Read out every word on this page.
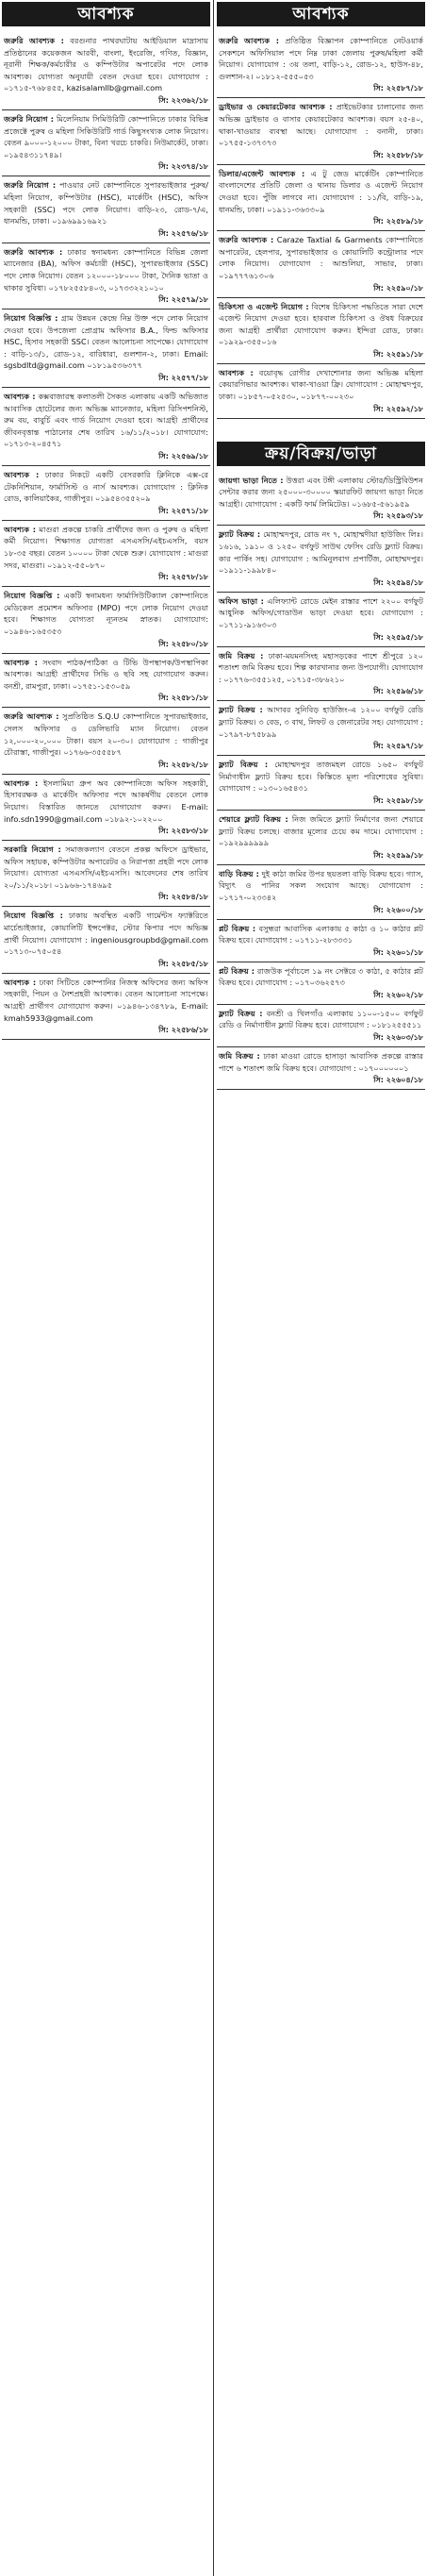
আবশ্যক
জরুরি আবশ্যক : বরগুনার পাথরঘাটায় আইডিয়াল মাদ্রাসায় প্রতিষ্ঠানের কয়েকজন আরবী, বাংলা, ইংরেজি, গণিত, বিজ্ঞান, নূরানী শিক্ষক/কর্মচারীর ও কম্পিউটার অপারেটর পদে লোক আবশ্যক। যোগ্যতা অনুযায়ী বেতন দেওয়া হবে। যোগাযোগ : ০১৭১৫-৭৬৮৪৫৫, kazisalamllb@gmail.com
সি: ২২৩৬২/১৮
জরুরি নিয়োগ : মিলেনিয়াম সিমিউরিটি কোম্পানিতে ঢাকার বিভিন্ন প্রজেক্টে পুরুষ ও মহিলা সিকিউরিটি গার্ড কিছুসংখ্যক লোক নিয়োগ। বেতন ৯০০০-১২০০০ টাকা, বিনা খরচে চাকরি। নিউমার্কেট, ঢাকা। ০১৯৫৪৩১১৭৪৯।
সি: ২২৩৭৪/১৮
জরুরি নিয়োগ : পাওয়ার নেট কোম্পানিতে সুপারভাইজার পুরুষ/মহিলা নিয়োগ, কম্পিউটার (HSC), মার্কেটিং (HSC), অফিস সহকারী (SSC) পদে লোক নিয়োগ। বাড়ি-২৩, রোড-৭/এ, ধানমন্ডি, ঢাকা। ০১৯৬৯৯১৬৯২১
সি: ২২৫৭৬/১৮
জরুরি আবশ্যক : ঢাকার স্বনামধন্য কোম্পানিতে বিভিন্ন জেলা ম্যানেজার (BA), অফিস কর্মচারী (HSC), সুপারভাইজার (SSC) পদে লোক নিয়োগ। বেতন ১২০০০-১৮০০০ টাকা, দৈনিক ভাতা ও থাকার সুবিধা। ০১৭৮২৫৫৮৪০৩, ০১৭৩৩২২১০১০
সি: ২২৫৭৯/১৮
নিয়োগ বিজ্ঞপ্তি : গ্রাম উন্নয়ন কেন্দ্রে নিম্ন উক্ত পদে লোক নিয়োগ দেওয়া হবে। উপজেলা প্রোগ্রাম অফিসার B.A., ফিল্ড অফিসার HSC, হিসাব সহকারী SSC। বেতন আলোচনা সাপেক্ষে। যোগাযোগ : বাড়ি-১৩/১, রোড-১২, বারিধারা, গুলশান-২, ঢাকা। Email: sgsbdltd@gmail.com ০১৮১৯৫৩৬৩৭৭
সি: ২২৫৭৭/১৮
আবশ্যক : কক্সবাজারস্থ কলাতলী সৈকত এলাকায় একটি অভিজাত আবাসিক হোটেলের জন্য অভিজ্ঞ ম্যানেজার, মহিলা রিসিপশনিস্ট, রুম বয়, বাবুর্চি এবং গার্ড নিয়োগ দেওয়া হবে। আগ্রহী প্রার্থীদের জীবনবৃত্তান্ত পাঠানোর শেষ তারিখ ১৬/১১/২০১৮। যোগাযোগ: ০১৭১৩-২০৪৫৭১
সি: ২২৫৬৯/১৮
আবশ্যক : ঢাকার নিকটে একটি বেসরকারি ক্লিনিকে এক্স-রে টেকনিশিয়ান, ফার্মাসিস্ট ও নার্স আবশ্যক। যোগাযোগ : ক্লিনিক রোড, কালিয়াকৈর, গাজীপুর। ০১৯৫৪৩৫৫২০৯
সি: ২২৫৭১/১৮
আবশ্যক : মাগুরা প্রকল্পে চাকরি প্রার্থীদের জন্য ও পুরুষ ও মহিলা কর্মী নিয়োগ। শিক্ষাগত যোগ্যতা এসএসসি/এইচএসসি, বয়স ১৮-৩৫ বছর। বেতন ১০০০০ টাকা থেকে শুরু। যোগাযোগ : মাগুরা সদর, মাগুরা। ০১৯১২-৫৫০৮৭০
সি: ২২৫৭৮/১৮
নিয়োগ বিজ্ঞপ্তি : একটি স্বনামধন্য ফার্মাসিউটিক্যাল কোম্পানিতে মেডিকেল প্রমোশন অফিসার (MPO) পদে লোক নিয়োগ দেওয়া হবে। শিক্ষাগত যোগ্যতা ন্যূনতম স্নাতক। যোগাযোগ: ০১৯৪৬-১৬৫৩৫৩
সি: ২২৫৮০/১৮
আবশ্যক : সংবাদ পাঠক/পাঠিকা ও টিভি উপস্থাপক/উপস্থাপিকা আবশ্যক। আগ্রহী প্রার্থীদের সিভি ও ছবি সহ যোগাযোগ করুন। বনশ্রী, রামপুরা, ঢাকা। ০১৭৫১-১৫৩০৫৯
সি: ২২৫৮১/১৮
জরুরি আবশ্যক : সুপ্রতিষ্ঠিত S.Q.U কোম্পানিতে সুপারভাইজার, সেলস অফিসার ও ডেলিভারি ম্যান নিয়োগ। বেতন ১২,০০০-২০,০০০ টাকা। বয়স ২০-৩০। যোগাযোগ : গাজীপুর চৌরাস্তা, গাজীপুর। ০১৭৬৬-৩৫৫৫৮৭
সি: ২২৫৮২/১৮
আবশ্যক : ইসলামিয়া গ্রুপ অব কোম্পানিজে অফিস সহকারী, হিসাবরক্ষক ও মার্কেটিং অফিসার পদে আকর্ষণীয় বেতনে লোক নিয়োগ। বিস্তারিত জানতে যোগাযোগ করুন। E-mail: info.sdn1990@gmail.com ০১৮৯২-১০২২০০
সি: ২২৫৮৩/১৮
সরকারি নিয়োগ : সমাজকল্যাণ বেতনে প্রকল্প অফিসে ড্রাইভার, অফিস সহায়ক, কম্পিউটার অপারেটর ও নিরাপত্তা প্রহরী পদে লোক নিয়োগ। যোগ্যতা এসএসসি/এইচএসসি। আবেদনের শেষ তারিখ ২০/১১/২০১৮। ০১৯৬৬-১৭৪৬৯৫
সি: ২২৫৮৪/১৮
নিয়োগ বিজ্ঞপ্তি : ঢাকায় অবস্থিত একটি গার্মেন্টস ফ্যাক্টরিতে মার্চেন্ডাইজার, কোয়ালিটি ইন্সপেক্টর, স্টোর কিপার পদে অভিজ্ঞ প্রার্থী নিয়োগ। যোগাযোগ : ingeniousgroupbd@gmail.com ০১৭১৩-০৭৫০৫৪
সি: ২২৫৮৫/১৮
আবশ্যক : ঢাকা সিটিতে কোম্পানির নিজস্ব অফিসের জন্য অফিস সহকারী, পিয়ন ও নৈশপ্রহরী আবশ্যক। বেতন আলোচনা সাপেক্ষে। আগ্রহী প্রার্থীগণ যোগাযোগ করুন। ০১৯৪৬-১৩৪৭৮৯, E-mail: kmah5933@gmail.com
সি: ২২৫৮৬/১৮
আবশ্যক
জরুরি আবশ্যক : প্রতিষ্ঠিত বিজ্ঞাপন কোম্পানিতে নেটওয়ার্ক সেকশনে অফিসিয়াল পদে নিম্ন ঢাকা জেলায় পুরুষ/মহিলা কর্মী নিয়োগ। যোগাযোগ : ৩য় তলা, বাড়ি-১২, রোড-১২, হাউস-৪৮, গুলশান-২। ০১৮১২-৫৫৫০৫৩
সি: ২২৫৮৭/১৮
ড্রাইভার ও কেয়ারটেকার আবশ্যক : প্রাইভেটকার চালানোর জন্য অভিজ্ঞ ড্রাইভার ও বাসার কেয়ারটেকার আবশ্যক। বয়স ২৫-৪০, থাকা-খাওয়ার ব্যবস্থা আছে। যোগাযোগ : বনানী, ঢাকা। ০১৭৫৫-১৩৭৩৭৩
সি: ২২৫৮৮/১৮
ডিলার/এজেন্ট আবশ্যক : এ টু জেড মার্কেটিং কোম্পানিতে বাংলাদেশের প্রতিটি জেলা ও থানায় ডিলার ও এজেন্ট নিয়োগ দেওয়া হবে। পুঁজি লাগবে না। যোগাযোগ : ১১/বি, বাড়ি-১৯, ধানমন্ডি, ঢাকা। ০১৯১১-৩৬৩৩০৯
সি: ২২৫৮৯/১৮
জরুরি আবশ্যক : Caraze Taxtial & Garments কোম্পানিতে অপারেটর, হেলপার, সুপারভাইজার ও কোয়ালিটি কন্ট্রোলার পদে লোক নিয়োগ। যোগাযোগ : আশুলিয়া, সাভার, ঢাকা। ০১৯৭৭৭৬১৩০৬
সি: ২২৫৯০/১৮
চিকিৎসা ও এজেন্ট নিয়োগ : বিশেষ চিকিৎসা পদ্ধতিতে সারা দেশে এজেন্ট নিয়োগ দেওয়া হবে। হারবাল চিকিৎসা ও ঔষধ বিক্রয়ের জন্য আগ্রহী প্রার্থীরা যোগাযোগ করুন। ইন্দিরা রোড, ঢাকা। ০১৯২৯-৩৫৫০১৬
সি: ২২৫৯১/১৮
আবশ্যক : বয়োবৃদ্ধ রোগীর দেখাশোনার জন্য অভিজ্ঞ মহিলা কেয়ারগিভার আবশ্যক। থাকা-খাওয়া ফ্রি। যোগাযোগ : মোহাম্মদপুর, ঢাকা। ০১৮৫৭-০৫২৫৩০, ০১৮৭৭-০০২৩০
সি: ২২৫৯২/১৮
ক্রয়/বিক্রয়/ভাড়া
জায়গা ভাড়া নিতে : উত্তরা এবং টঙ্গী এলাকায় স্টোর/ডিস্ট্রিবিউশন সেন্টার করার জন্য ২৫০০০-৩০০০০ স্কয়ারফিট জায়গা ভাড়া নিতে আগ্রহী। যোগাযোগ : একটি ফার্ম লিমিটেড। ০১৬৮৫-৫৬১৯৫৯
সি: ২২৫৯৩/১৮
ফ্ল্যাট বিক্রয় : মোহাম্মদপুর, রোড নং ৭, মোহাম্মদীয়া হাউজিং লিঃ। ১৬১৬, ১৯১০ ও ১২৫০ বর্গফুট সাউথ ফেসিং রেডি ফ্ল্যাট বিক্রয়। কার পার্কিং সহ। যোগাযোগ : আমিনুলবাগ প্রপার্টিজ, মোহাম্মদপুর। ০১৯১১-১৯৯৮৪০
সি: ২২৫৯৪/১৮
অফিস ভাড়া : এলিফ্যান্ট রোডে মেইন রাস্তার পাশে ২২০০ বর্গফুট আধুনিক অফিস/গোডাউন ভাড়া দেওয়া হবে। যোগাযোগ : ০১৭১১-৯১৬৩০৩
সি: ২২৫৯৫/১৮
জমি বিক্রয় : ঢাকা-ময়মনসিংহ মহাসড়কের পাশে শ্রীপুরে ১২০ শতাংশ জমি বিক্রয় হবে। শিল্প কারখানার জন্য উপযোগী। যোগাযোগ : ০১৭৭৬-৩৫৫১২৫, ০১৭১৫-৩৮৬২১০
সি: ২২৫৯৬/১৮
ফ্ল্যাট বিক্রয় : আদাবর সুনিবিড় হাউজিং-এ ১২০০ বর্গফুট রেডি ফ্ল্যাট বিক্রয়। ৩ বেড, ৩ বাথ, লিফট ও জেনারেটর সহ। যোগাযোগ : ০১৭৯৭-৮৭৫৮৯৯
সি: ২২৫৯৭/১৮
ফ্ল্যাট বিক্রয় : মোহাম্মদপুর তাজমহল রোডে ১৬৫০ বর্গফুট নির্মাণাধীন ফ্ল্যাট বিক্রয় হবে। কিস্তিতে মূল্য পরিশোধের সুবিধা। যোগাযোগ : ০১৩০১৬৫৪৩১
সি: ২২৫৯৮/১৮
শেয়ারে ফ্ল্যাট বিক্রয় : নিজ জমিতে ফ্ল্যাট নির্মাণের জন্য শেয়ারে ফ্ল্যাট বিক্রয় চলছে। বাজার মূল্যের চেয়ে কম দামে। যোগাযোগ : ০১৯২৯৯৯৯৯৯
সি: ২২৫৯৯/১৮
বাড়ি বিক্রয় : দুই কাঠা জমির উপর ছয়তলা বাড়ি বিক্রয় হবে। গ্যাস, বিদ্যুৎ ও পানির সকল সংযোগ আছে। যোগাযোগ : ০১৭১৭-০২৩৩৪২
সি: ২২৬০০/১৮
প্লট বিক্রয় : বসুন্ধরা আবাসিক এলাকায় ৫ কাঠা ও ১০ কাঠার প্লট বিক্রয় হবে। যোগাযোগ : ০১৭১১-২৮৩৩৩১
সি: ২২৬০১/১৮
প্লট বিক্রয় : রাজউক পূর্বাচলে ১৯ নং সেক্টরে ৩ কাঠা, ৫ কাঠার প্লট বিক্রয় হবে। যোগাযোগ : ০১৭০৩৬২৫৭৩
সি: ২২৬০২/১৮
ফ্ল্যাট বিক্রয় : বনশ্রী ও খিলগাঁও এলাকায় ১১০০-১৫০০ বর্গফুট রেডি ও নির্মাণাধীন ফ্ল্যাট বিক্রয় হবে। যোগাযোগ : ০১৮১২৫৫৫১১
সি: ২২৬০৩/১৮
জমি বিক্রয় : ঢাকা মাওয়া রোডে হাসাড়া আবাসিক প্রকল্পে রাস্তার পাশে ৬ শতাংশ জমি বিক্রয় হবে। যোগাযোগ : ০১৭০০০০০০১
সি: ২২৬০৪/১৮
